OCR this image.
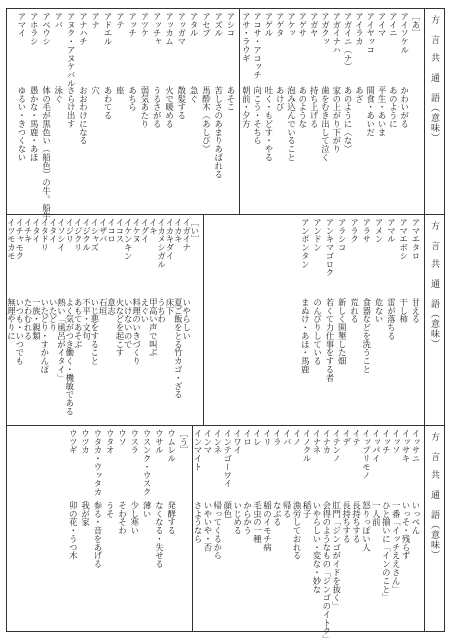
方　言
共　通　語（意味）
［あ］
アイソケル
かわいがる
アイニ
あのように
アイマ
平生・あいま
アイヤッコ
間食・あいだ
アイラカ
あざ
アガイニ（ナ）
あのように（な）
アガイナハ
家の上がり下がり
アガクッ
歯をむき出して泣く
アガヤ
持ち上げる
アゲサ
あのような
アケッ
泡み込んでいること
アゲタ
あけび
アゲル
吐く・もどす・やる
アコサ・アコッチ
向こう・そちら
アサ・ラウギ
朝前・夕方
アシコ
あそこ
アズル
苦しさのあまりあばれる
アセプ
馬酔木（あしび）
アタル
急ぐ
アッガマ
散髪する
アッカム
火で暖める
アッチャ
うるさがる
アツケ
弱気あたり
アッチ
あちら
アテ
座
アドエル
あわてる
アナ
穴
アナハチ
おおわけになる
アヌク・アヌケバル
さらけ出す
アバ
泳ぐ
アベウシ
体の毛が黒色い（船色）の牛。船牛
アホラシ
愚かな・馬鹿・あほ
アマイ
ゆるい・きつくない
方　言
共　通　語（意味）
アマエタロ
甘える
アマエボシ
干し柿
アマル
雷が落ちる
アメン
危ない
アラサ
食器などを洗うこと
アラク
荒れる
アラシコ
新しく開墾した畑
アンキマゴロク
若くて力仕事をする者
アンドン
のんびりしている
アンポンタン
まぬけ・あほ・馬鹿
［い］
イガイナ
いやらしい
イカキ
夏ご飯をとる竹カゴ・ざる
イカキダイ
床下
イカメシガル
うちわ
イキ
甲高い声で叫ぶ
イグイ
えぐい
イケヌ
料理のいきづくり
イケンキン
いけないので
イコス
火などを起こす
イコロ
意志
イザバ
石垣
イシャズ
いじ悪をすること
イジクル
不平・文句
イジクリ
あもてあそぶ
イジリ
よく気がつき働く・機敏である
イソシイ
熱い「風呂がイタイ」
イタイ
いたどり
イタドリ
いたどり・すかんぽ
イタイ
一族・親類
イチキ
たわむれる
イチャモク
いつも・いつでも
イツモカモ
無理やりに
方　言
共　通　語（意味）
イッサニ
いっぺん
イッサキ
いっそ・残らず
イッソ
一番「イッチええさん」
イッチ
ひと揃いに「インのこと」
イッパイ
一人前
イップリモノ
怒りっぽい人
イテ
長持ちする
イデ
長持ちする
イテンノ
肛門「ジンゴがイドを抜く」
イナカ
会得のようなもの「ジンゴのイトク」
イナネ
いやらしい・変な・妙な
イノクル
稲子
イノ
漁労しておれる
イバ
帰る
イラ
なぶる
イリ
稲のイモチ病
イレ
毛虫の一種
イロ
からかう
イワイ
いじめる
インテゴーワイ
顔色
インネ
帰ってくるから
インマ
いやいや・否
インマイト
さようなら
［う］
ウムレル
発酵する
ウサル
なくなる・失せる
ウスンク・ウスク
薄い
ウスラ
少し寒い
ウソ
そわそわ
ウタオ
うそ
ウタカ・ウッタカ
参る・音をあげる
ウツカ
我が家
ウツギ
卯の花・うつ木
